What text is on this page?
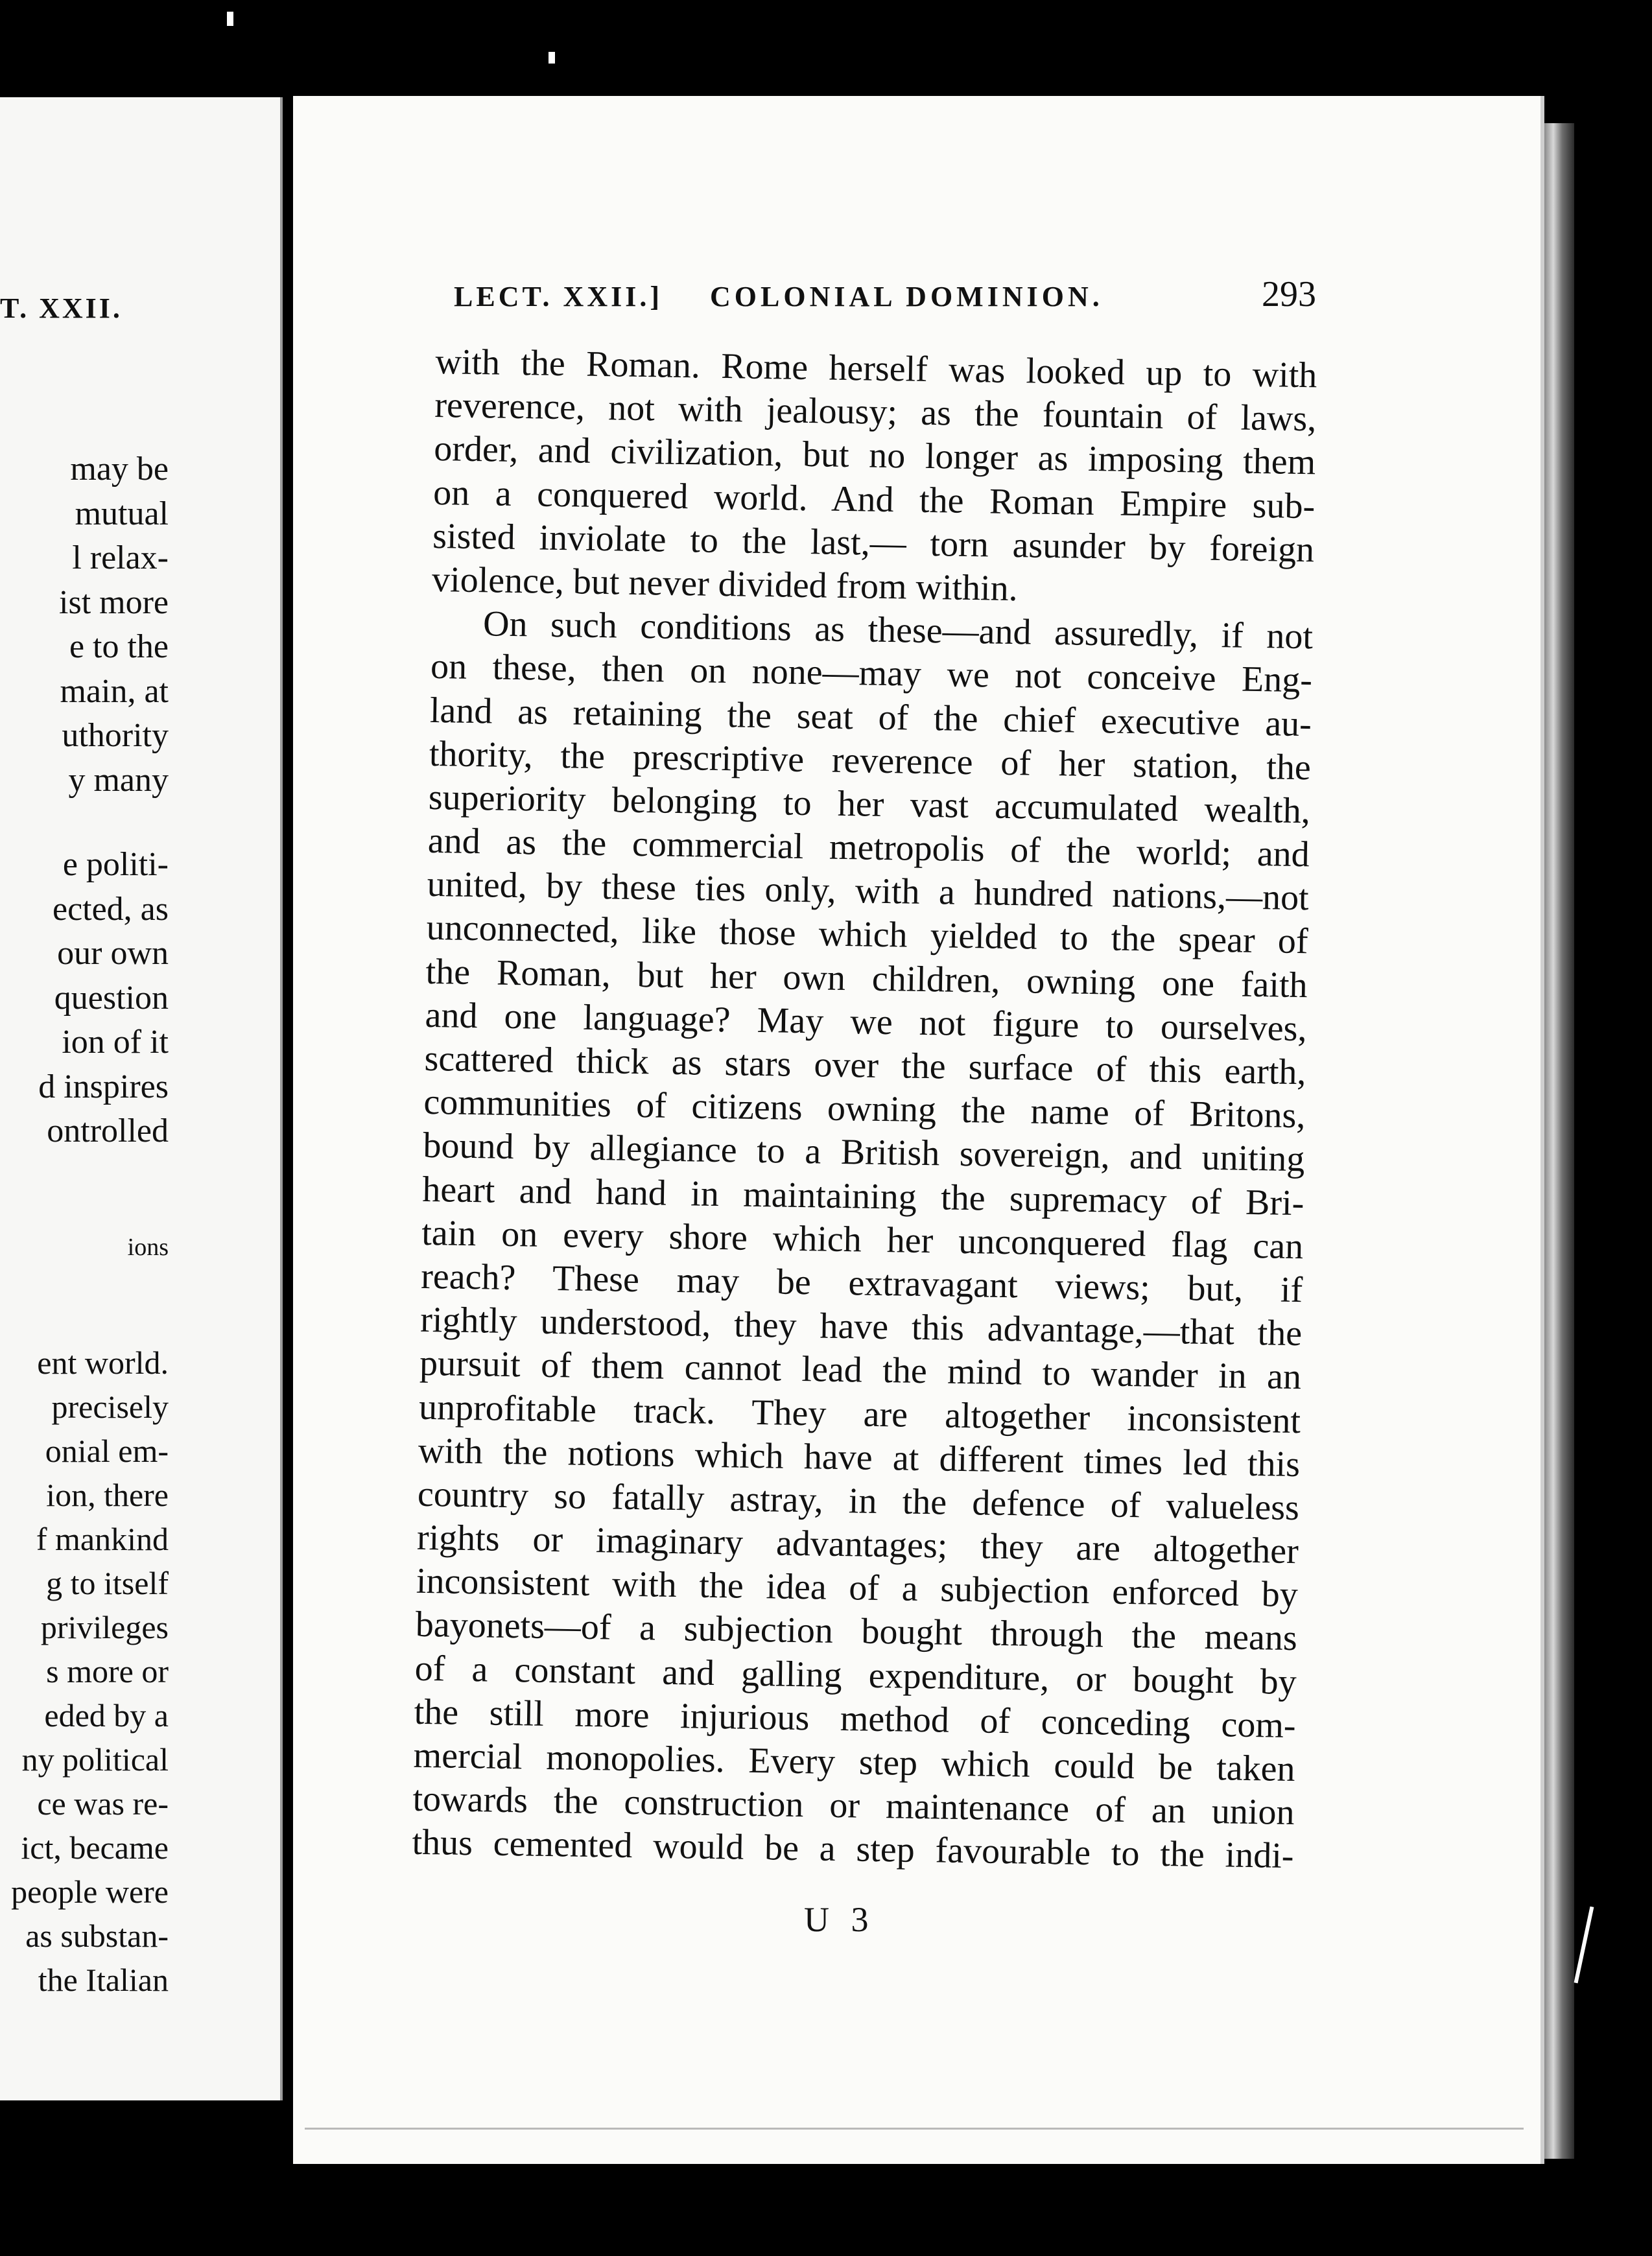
T. XXII.
may be
mutual
l relax-
ist more
e to the
main, at
uthority
y many
e politi-
ected, as
our own
question
ion of it
d inspires
ontrolled
ions
ent world.
precisely
onial em-
ion, there
f mankind
g to itself
privileges
s more or
eded by a
ny political
ce was re-
ict, became
people were
as substan-
the Italian
LECT. XXII.] COLONIAL DOMINION.	293
with the Roman. Rome herself was looked up to with
reverence, not with jealousy; as the fountain of laws,
order, and civilization, but no longer as imposing them
on a conquered world. And the Roman Empire sub-
sisted inviolate to the last,— torn asunder by foreign
violence, but never divided from within.
On such conditions as these—and assuredly, if not
on these, then on none—may we not conceive Eng-
land as retaining the seat of the chief executive au-
thority, the prescriptive reverence of her station, the
superiority belonging to her vast accumulated wealth,
and as the commercial metropolis of the world; and
united, by these ties only, with a hundred nations,—not
unconnected, like those which yielded to the spear of
the Roman, but her own children, owning one faith
and one language? May we not figure to ourselves,
scattered thick as stars over the surface of this earth,
communities of citizens owning the name of Britons,
bound by allegiance to a British sovereign, and uniting
heart and hand in maintaining the supremacy of Bri-
tain on every shore which her unconquered flag can
reach? These may be extravagant views; but, if
rightly understood, they have this advantage,—that the
pursuit of them cannot lead the mind to wander in an
unprofitable track. They are altogether inconsistent
with the notions which have at different times led this
country so fatally astray, in the defence of valueless
rights or imaginary advantages; they are altogether
inconsistent with the idea of a subjection enforced by
bayonets—of a subjection bought through the means
of a constant and galling expenditure, or bought by
the still more injurious method of conceding com-
mercial monopolies. Every step which could be taken
towards the construction or maintenance of an union
thus cemented would be a step favourable to the indi-
U 3
